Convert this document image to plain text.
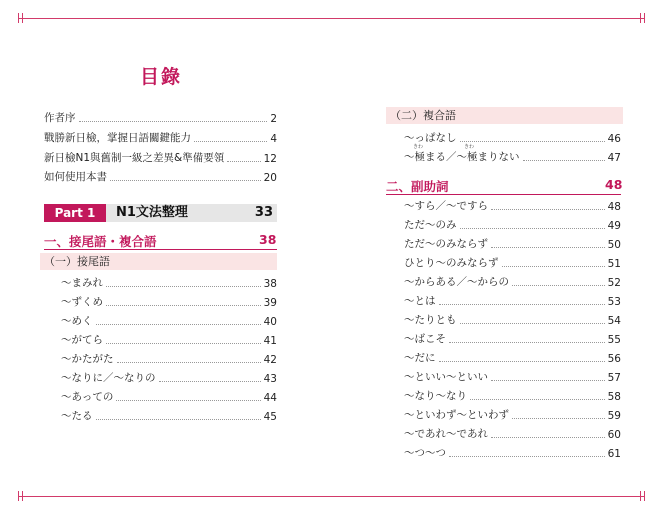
目錄
作者序	2
戰勝新日檢，掌握日語關鍵能力	4
新日檢N1與舊制一級之差異&準備要領	12
如何使用本書	20
Part 1	N1文法整理	33
一、接尾語・複合語	38
（一）接尾語
～まみれ	38
～ずくめ	39
～めく	40
～がてら	41
～かたがた	42
～なりに／～なりの	43
～あっての	44
～たる	45
（二）複合語
～っぱなし	46
きわ	きわ
～極まる／～極まりない	47
二、副助詞	48
～すら／～ですら	48
ただ～のみ	49
ただ～のみならず	50
ひとり～のみならず	51
～からある／～からの	52
～とは	53
～たりとも	54
～ばこそ	55
～だに	56
～といい～といい	57
～なり～なり	58
～といわず～といわず	59
～であれ～であれ	60
～つ～つ	61
